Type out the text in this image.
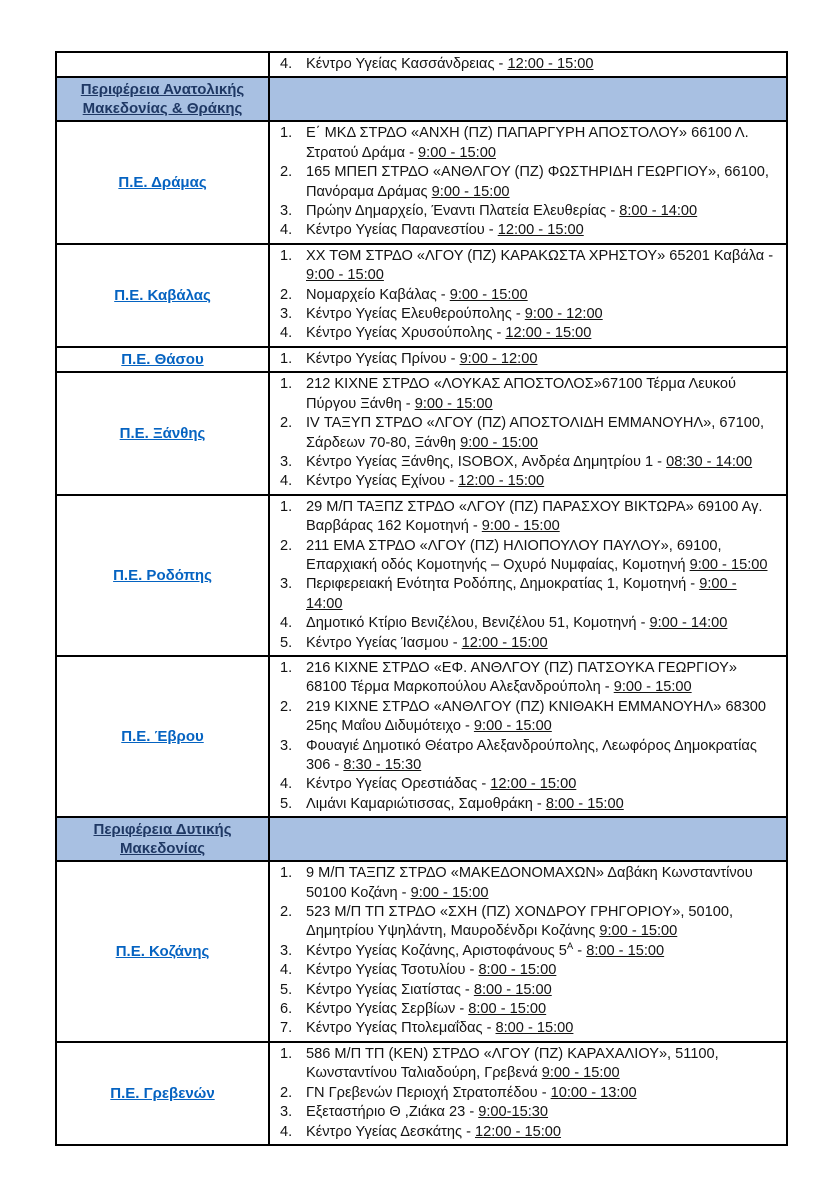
	4. Κέντρο Υγείας Κασσάνδρειας - 12:00 - 15:00

Περιφέρεια Ανατολικής Μακεδονίας & Θράκης	

Π.Ε. Δράμας	
1. Ε΄ ΜΚΔ ΣΤΡΔΟ «ΑΝΧΗ (ΠΖ) ΠΑΠΑΡΓΥΡΗ ΑΠΟΣΤΟΛΟΥ» 66100 Λ. Στρατού Δράμα - 9:00 - 15:00
2. 165 ΜΠΕΠ ΣΤΡΔΟ «ΑΝΘΛΓΟΥ (ΠΖ) ΦΩΣΤΗΡΙΔΗ ΓΕΩΡΓΙΟΥ», 66100, Πανόραμα Δράμας 9:00 - 15:00
3. Πρώην Δημαρχείο, Έναντι Πλατεία Ελευθερίας - 8:00 - 14:00
4. Κέντρο Υγείας Παρανεστίου - 12:00 - 15:00

Π.Ε. Καβάλας	
1. ΧΧ ΤΘΜ ΣΤΡΔΟ «ΛΓΟΥ (ΠΖ) ΚΑΡΑΚΩΣΤΑ ΧΡΗΣΤΟΥ» 65201 Καβάλα - 9:00 - 15:00
2. Νομαρχείο Καβάλας - 9:00 - 15:00
3. Κέντρο Υγείας Ελευθερούπολης - 9:00 - 12:00
4. Κέντρο Υγείας Χρυσούπολης - 12:00 - 15:00

Π.Ε. Θάσου	1. Κέντρο Υγείας Πρίνου - 9:00 - 12:00

Π.Ε. Ξάνθης	
1. 212 ΚΙΧΝΕ ΣΤΡΔΟ «ΛΟΥΚΑΣ ΑΠΟΣΤΟΛΟΣ»67100 Τέρμα Λευκού Πύργου Ξάνθη - 9:00 - 15:00
2. IV ΤΑΞΥΠ ΣΤΡΔΟ «ΛΓΟΥ (ΠΖ) ΑΠΟΣΤΟΛΙΔΗ ΕΜΜΑΝΟΥΗΛ», 67100, Σάρδεων 70-80, Ξάνθη 9:00 - 15:00
3. Κέντρο Υγείας Ξάνθης, ISOBOX, Ανδρέα Δημητρίου 1 - 08:30 - 14:00
4. Κέντρο Υγείας Εχίνου - 12:00 - 15:00

Π.Ε. Ροδόπης	
1. 29 Μ/Π ΤΑΞΠΖ ΣΤΡΔΟ «ΛΓΟΥ (ΠΖ) ΠΑΡΑΣΧΟΥ ΒΙΚΤΩΡΑ» 69100 Αγ. Βαρβάρας 162 Κομοτηνή - 9:00 - 15:00
2. 211 ΕΜΑ ΣΤΡΔΟ «ΛΓΟΥ (ΠΖ) ΗΛΙΟΠΟΥΛΟΥ ΠΑΥΛΟΥ», 69100, Επαρχιακή οδός Κομοτηνής – Οχυρό Νυμφαίας, Κομοτηνή 9:00 - 15:00
3. Περιφερειακή Ενότητα Ροδόπης, Δημοκρατίας 1, Κομοτηνή - 9:00 - 14:00
4. Δημοτικό Κτίριο Βενιζέλου, Βενιζέλου 51, Κομοτηνή - 9:00 - 14:00
5. Κέντρο Υγείας Ίασμου - 12:00 - 15:00

Π.Ε. Έβρου	
1. 216 ΚΙΧΝΕ ΣΤΡΔΟ «ΕΦ. ΑΝΘΛΓΟΥ (ΠΖ) ΠΑΤΣΟΥΚΑ ΓΕΩΡΓΙΟΥ» 68100 Τέρμα Μαρκοπούλου Αλεξανδρούπολη - 9:00 - 15:00
2. 219 ΚΙΧΝΕ ΣΤΡΔΟ «ΑΝΘΛΓΟΥ (ΠΖ) ΚΝΙΘΑΚΗ ΕΜΜΑΝΟΥΗΛ» 68300 25ης Μαΐου Διδυμότειχο - 9:00 - 15:00
3. Φουαγιέ Δημοτικό Θέατρο Αλεξανδρούπολης, Λεωφόρος Δημοκρατίας 306 - 8:30 - 15:30
4. Κέντρο Υγείας Ορεστιάδας - 12:00 - 15:00
5. Λιμάνι Καμαριώτισσας, Σαμοθράκη - 8:00 - 15:00

Περιφέρεια Δυτικής Μακεδονίας	

Π.Ε. Κοζάνης	
1. 9 Μ/Π ΤΑΞΠΖ ΣΤΡΔΟ «ΜΑΚΕΔΟΝΟΜΑΧΩΝ» Δαβάκη Κωνσταντίνου 50100 Κοζάνη - 9:00 - 15:00
2. 523 Μ/Π ΤΠ ΣΤΡΔΟ «ΣΧΗ (ΠΖ) ΧΟΝΔΡΟΥ ΓΡΗΓΟΡΙΟΥ», 50100, Δημητρίου Υψηλάντη, Μαυροδένδρι Κοζάνης 9:00 - 15:00
3. Κέντρο Υγείας Κοζάνης, Αριστοφάνους $5^A$ - 8:00 - 15:00
4. Κέντρο Υγείας Τσοτυλίου - 8:00 - 15:00
5. Κέντρο Υγείας Σιατίστας - 8:00 - 15:00
6. Κέντρο Υγείας Σερβίων - 8:00 - 15:00
7. Κέντρο Υγείας Πτολεμαΐδας - 8:00 - 15:00

Π.Ε. Γρεβενών	
1. 586 Μ/Π ΤΠ (ΚΕΝ) ΣΤΡΔΟ «ΛΓΟΥ (ΠΖ) ΚΑΡΑΧΑΛΙΟΥ», 51100, Κωνσταντίνου Ταλιαδούρη, Γρεβενά 9:00 - 15:00
2. ΓΝ Γρεβενών Περιοχή Στρατοπέδου - 10:00 - 13:00
3. Εξεταστήριο Θ ,Ζιάκα 23 - 9:00-15:30
4. Κέντρο Υγείας Δεσκάτης - 12:00 - 15:00
